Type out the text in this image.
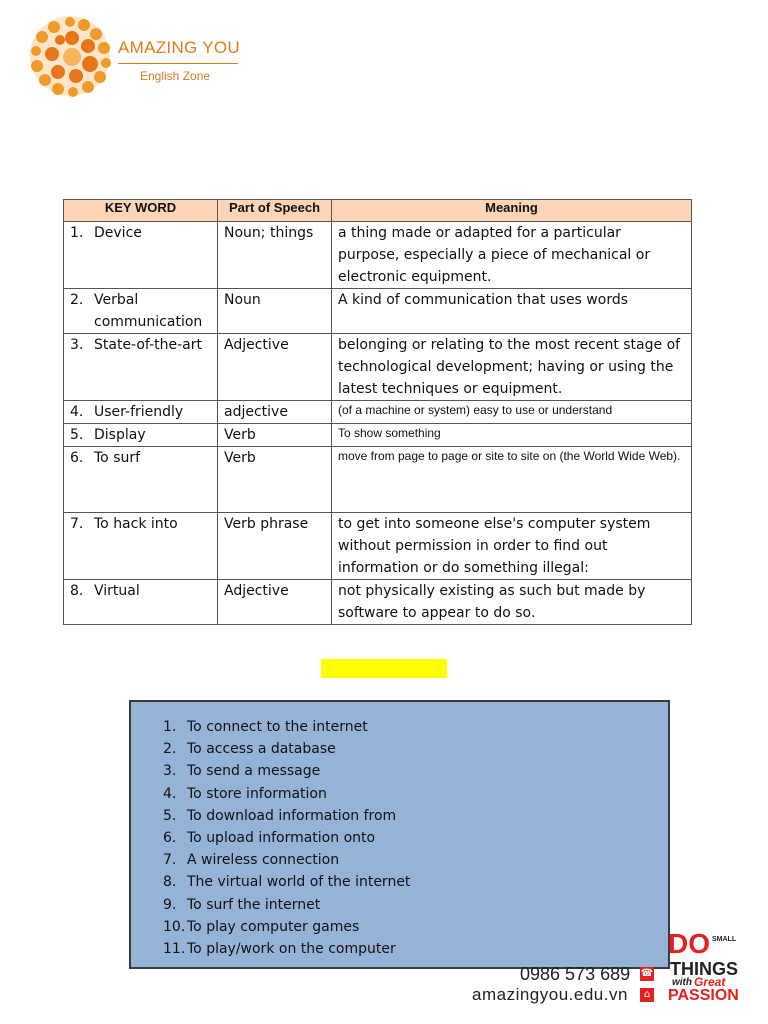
AMAZING YOU
English Zone
KEY WORD	Part of Speech	Meaning

1. Device	Noun; things	a thing made or adapted for a particular purpose, especially a piece of mechanical or electronic equipment.

2. Verbal communication	Noun	A kind of communication that uses words

3. State-of-the-art	Adjective	belonging or relating to the most recent stage of technological development; having or using the latest techniques or equipment.

4. User-friendly	adjective	(of a machine or system) easy to use or understand

5. Display	Verb	To show something

6. To surf	Verb	move from page to page or site to site on (the World Wide Web).

7. To hack into	Verb phrase	to get into someone else's computer system without permission in order to find out information or do something illegal:

8. Virtual	Adjective	not physically existing as such but made by software to appear to do so.
1. To connect to the internet
2. To access a database
3. To send a message
4. To store information
5. To download information from
6. To upload information onto
7. A wireless connection
8. The virtual world of the internet
9. To surf the internet
10. To play computer games
11. To play/work on the computer
0986 573 689 ☎
amazingyou.edu.vn	⌂
DO SMALL
THINGS
with Great
PASSION
